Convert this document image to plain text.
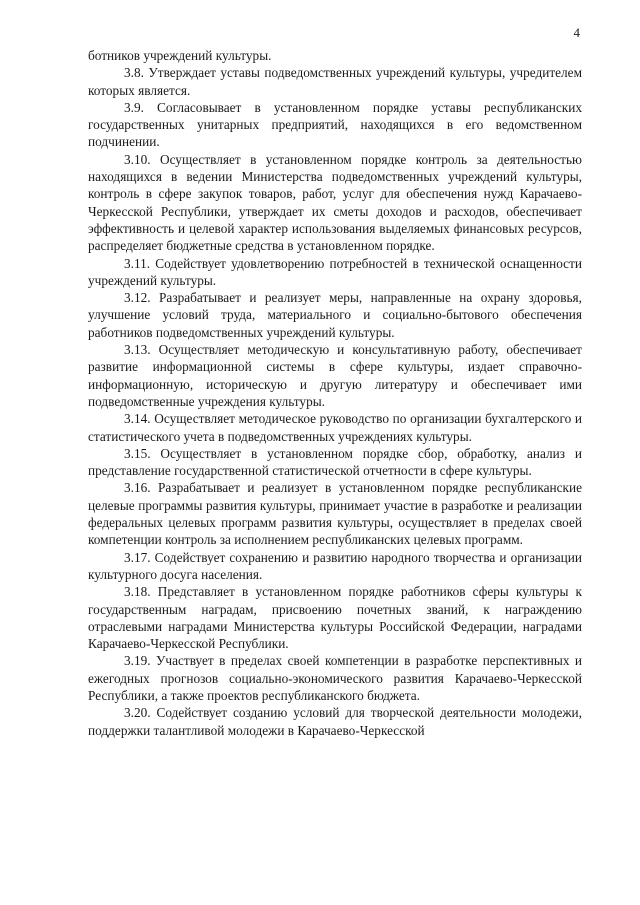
4

ботников учреждений культуры.

3.8. Утверждает уставы подведомственных учреждений культуры, учредителем которых является.

3.9. Согласовывает в установленном порядке уставы республиканских государственных унитарных предприятий, находящихся в его ведомственном подчинении.

3.10. Осуществляет в установленном порядке контроль за деятельностью находящихся в ведении Министерства подведомственных учреждений культуры, контроль в сфере закупок товаров, работ, услуг для обеспечения нужд Карачаево-Черкесской Республики, утверждает их сметы доходов и расходов, обеспечивает эффективность и целевой характер использования выделяемых финансовых ресурсов, распределяет бюджетные средства в установленном порядке.

3.11. Содействует удовлетворению потребностей в технической оснащенности учреждений культуры.

3.12. Разрабатывает и реализует меры, направленные на охрану здоровья, улучшение условий труда, материального и социально-бытового обеспечения работников подведомственных учреждений культуры.

3.13. Осуществляет методическую и консультативную работу, обеспечивает развитие информационной системы в сфере культуры, издает справочно-информационную, историческую и другую литературу и обеспечивает ими подведомственные учреждения культуры.

3.14. Осуществляет методическое руководство по организации бухгалтерского и статистического учета в подведомственных учреждениях культуры.

3.15. Осуществляет в установленном порядке сбор, обработку, анализ и представление государственной статистической отчетности в сфере культуры.

3.16. Разрабатывает и реализует в установленном порядке республиканские целевые программы развития культуры, принимает участие в разработке и реализации федеральных целевых программ развития культуры, осуществляет в пределах своей компетенции контроль за исполнением республиканских целевых программ.

3.17. Содействует сохранению и развитию народного творчества и организации культурного досуга населения.

3.18. Представляет в установленном порядке работников сферы культуры к государственным наградам, присвоению почетных званий, к награждению отраслевыми наградами Министерства культуры Российской Федерации, наградами Карачаево-Черкесской Республики.

3.19. Участвует в пределах своей компетенции в разработке перспективных и ежегодных прогнозов социально-экономического развития Карачаево-Черкесской Республики, а также проектов республиканского бюджета.

3.20. Содействует созданию условий для творческой деятельности молодежи, поддержки талантливой молодежи в Карачаево-Черкесской
